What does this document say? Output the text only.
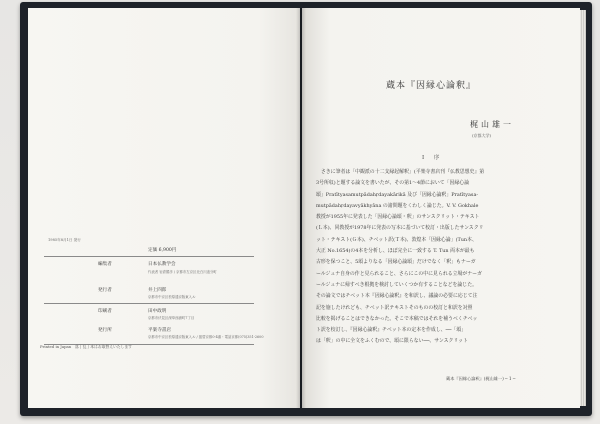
1985年8月1日 発行
定価 6,900円
編集者	日本仏教学会
代表者 岩倉勝彦 / 京都市左京区北白川追分町
発行者	井上四郎
京都市中京区松原通京阪東入ル
印刷者	田中政明
京都市伏見区深草西浦町7丁目
発行所	平楽寺書店
京都市中京区松原通京阪東入ル / 振替京都0-4番・電話京都(075)351-2600
Printed in Japan　落丁乱丁本はお取替えいたします
蔵本『因縁心論釈』
梶山雄一
(京都大学)
I 序
　さきに筆者は「中観派の十二支縁起解釈」(平楽寺書店刊『仏教思想史』第
3号所収)と題する論文を書いたが、その第1〜4節において「因縁心論
頌」Pratītyasamutpādahṛdayakārikā 及び「因縁心論釈」Pratītyasa-
mutpādahṛdayavyākhyāna の諸問題をくわしく論じた。V. V. Gokhale
教授が1955年に発表した「因縁心論頌・釈」のサンスクリット・テキスト
(Ｌ本)、同教授が1978年に発表の写本に基づいて校訂・出版したサンスクリ
ット・テキスト(Ｇ本)、チベット訳(Ｔ本)、敦煌本「因縁心論」(Tun本、
大正 No.1654)の4本を分析し、ほぼ完全に一致する T. Tun 両本が最も
古形を保つこと、5頌よりなる「因縁心論頌」だけでなく「釈」もナーガ
ールジュナ自身の作と見られること、さらにこの中に見られる立場がナーガ
ールジュナに帰すべき根拠を検討していくつか有することなどを論じた。
その論文ではチベット本『因縁心論釈』を和訳し、議論の必要に応じて注
記を施したけれども、チベット訳テキストそのものの校訂と和訳を対照
比較を掲げることはできなかった。そこで本稿ではそれを補うべくチベッ
ト訳を校訂し、『因縁心論釈』チベット本の定本を作成し、──「頌」
は「釈」の中に全文をふくむので、頌に限らない──、サンスクリット
蔵本『因縁心論釈』(梶山雄一) ─ 1 ─
